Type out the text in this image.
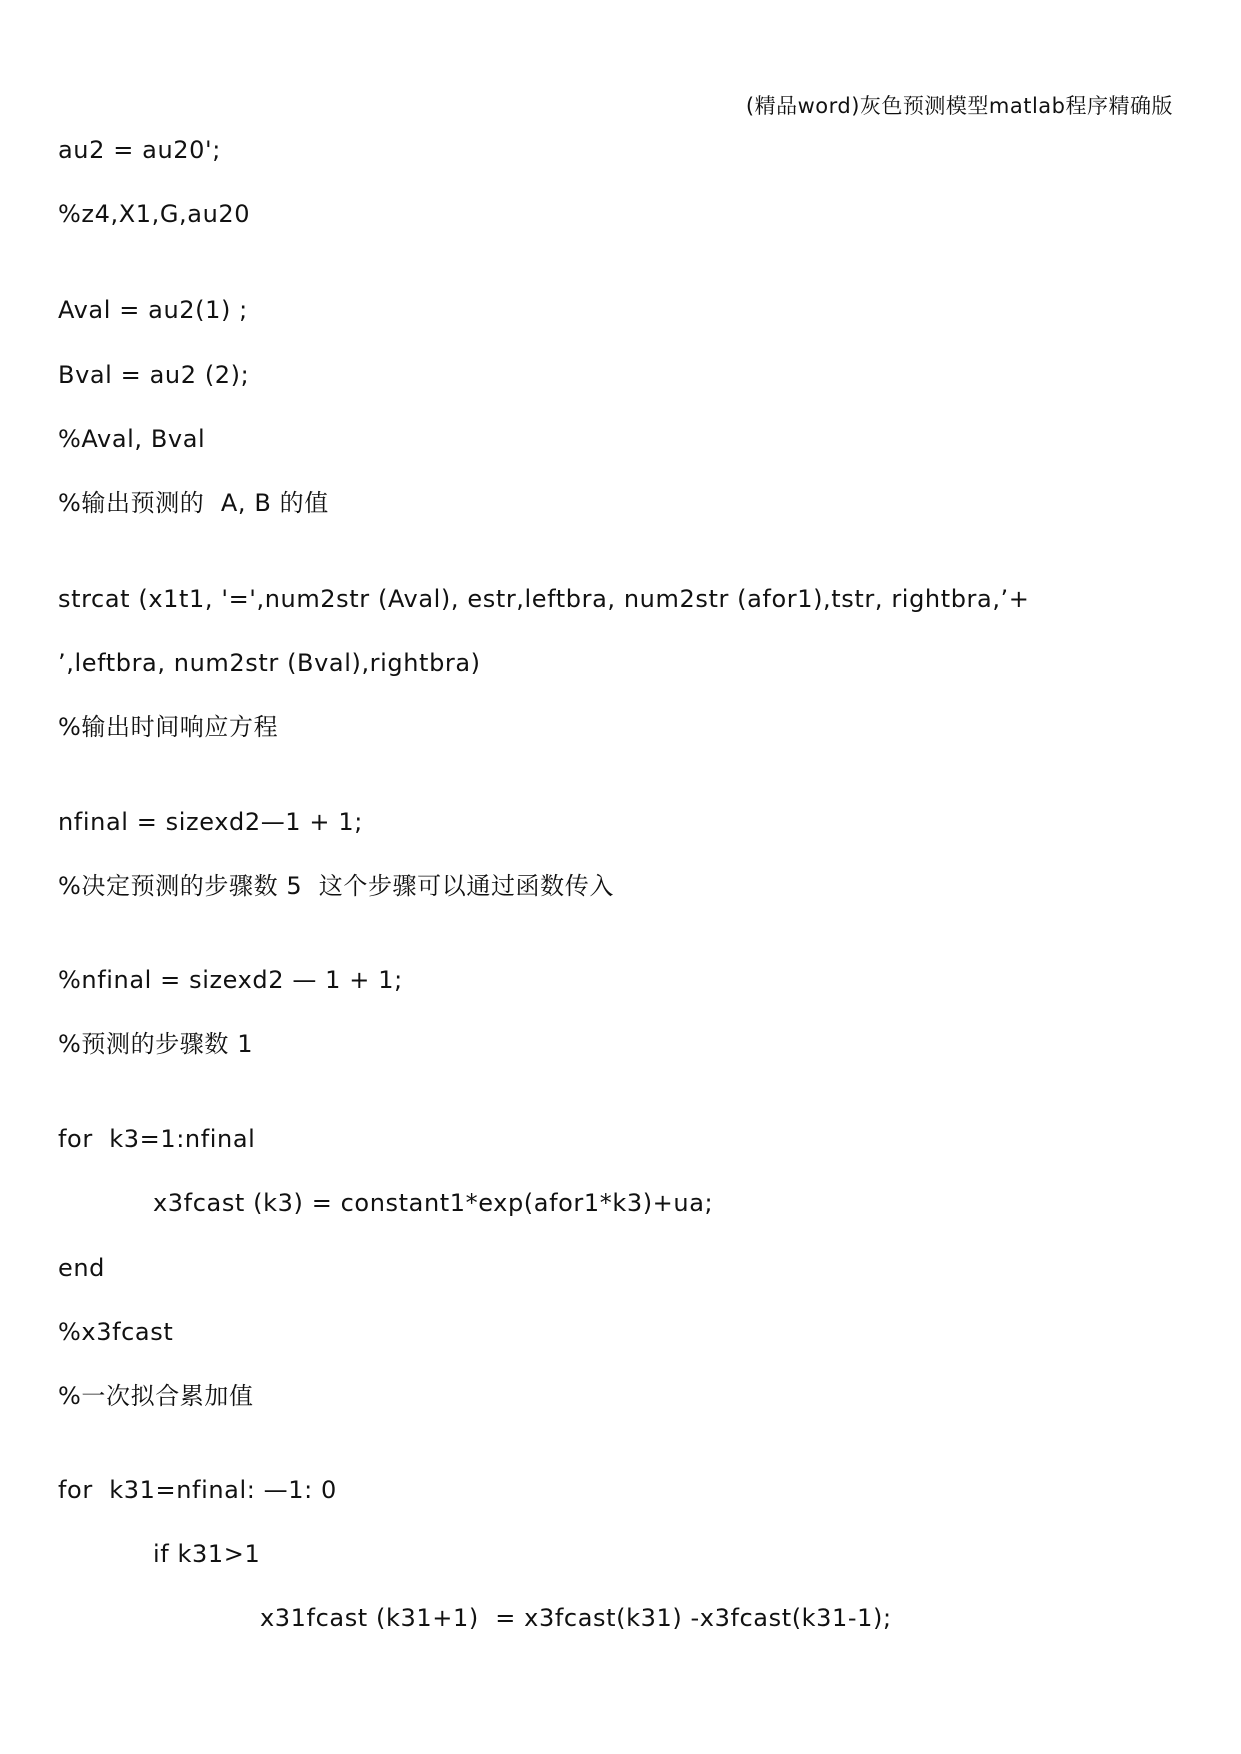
(精品word)灰色预测模型matlab程序精确版
au2 = au20';
%z4,X1,G,au20
Aval = au2(1) ;
Bval = au2 (2);
%Aval, Bval
%输出预测的  A, B 的值
strcat (x1t1, '=',num2str (Aval), estr,leftbra, num2str (afor1),tstr, rightbra,’+
’,leftbra, num2str (Bval),rightbra)
%输出时间响应方程
nfinal = sizexd2—1 + 1;
%决定预测的步骤数 5  这个步骤可以通过函数传入
%nfinal = sizexd2 — 1 + 1;
%预测的步骤数 1
for  k3=1:nfinal
x3fcast (k3) = constant1*exp(afor1*k3)+ua;
end
%x3fcast
%一次拟合累加值
for  k31=nfinal: —1: 0
if k31>1
x31fcast (k31+1)  = x3fcast(k31) -x3fcast(k31-1);
